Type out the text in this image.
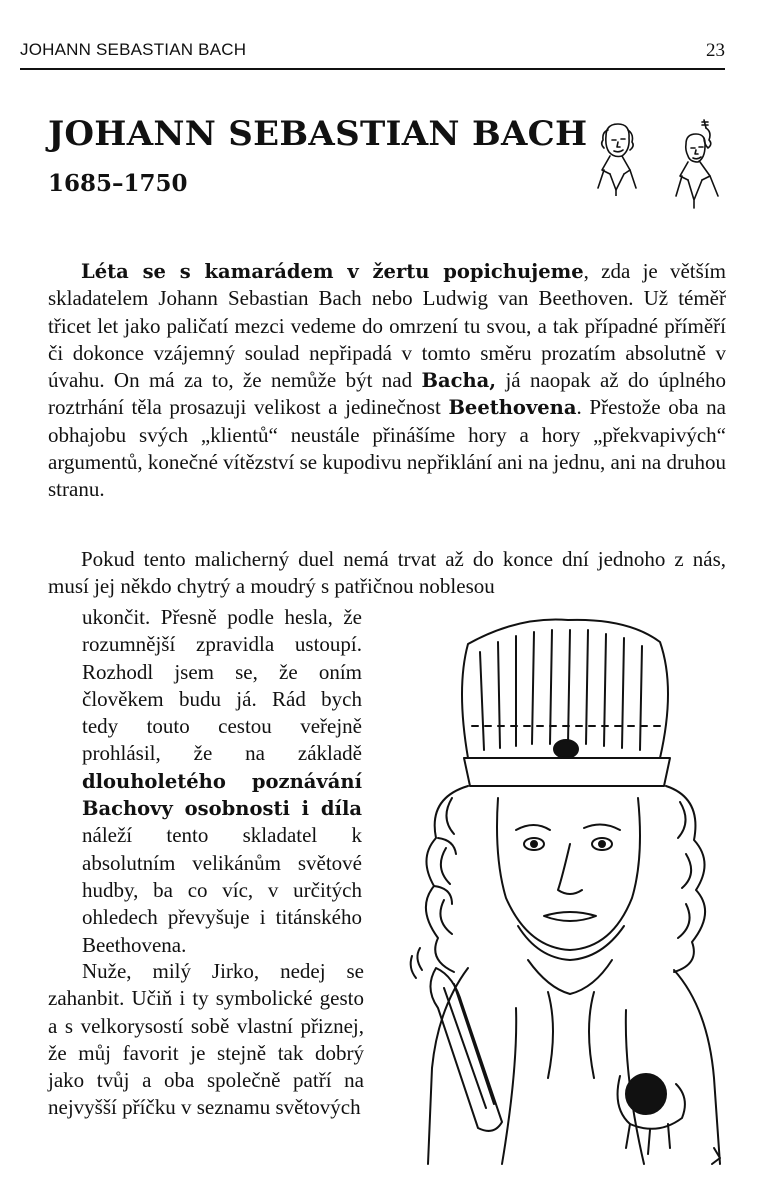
JOHANN SEBASTIAN BACH	23
JOHANN SEBASTIAN BACH
1685–1750

Léta se s kamarádem v žertu popichujeme, zda je větším skladatelem Johann Sebastian Bach nebo Ludwig van Beethoven. Už téměř třicet let jako paličatí mezci vedeme do omrzení tu svou, a tak případné příměří či dokonce vzájemný soulad nepřipadá v tomto směru prozatím absolutně v úvahu. On má za to, že nemůže být nad Bacha, já naopak až do úplného roztrhání těla prosazuji velikost a jedinečnost Beethovena. Přestože oba na obhajobu svých „klientů“ neustále přinášíme hory a hory „překvapivých“ argumentů, konečné vítězství se kupodivu nepřiklání ani na jednu, ani na druhou stranu.

Pokud tento malicherný duel nemá trvat až do konce dní jednoho z nás, musí jej někdo chytrý a moudrý s patřičnou noblesou

ukončit. Přesně podle hesla, že rozumnější zpravidla ustoupí. Rozhodl jsem se, že oním člověkem budu já. Rád bych tedy touto cestou veřejně prohlásil, že na základě dlouholetého poznávání Bachovy osobnosti i díla náleží tento skladatel k absolutním velikánům světové hudby, ba co víc, v určitých ohledech převyšuje i titánského Beethovena.

Nuže, milý Jirko, nedej se zahanbit. Učiň i ty symbolické gesto a s velkorysostí sobě vlastní přiznej, že můj favorit je stejně tak dobrý jako tvůj a oba společně patří na nejvyšší příčku v seznamu světových
